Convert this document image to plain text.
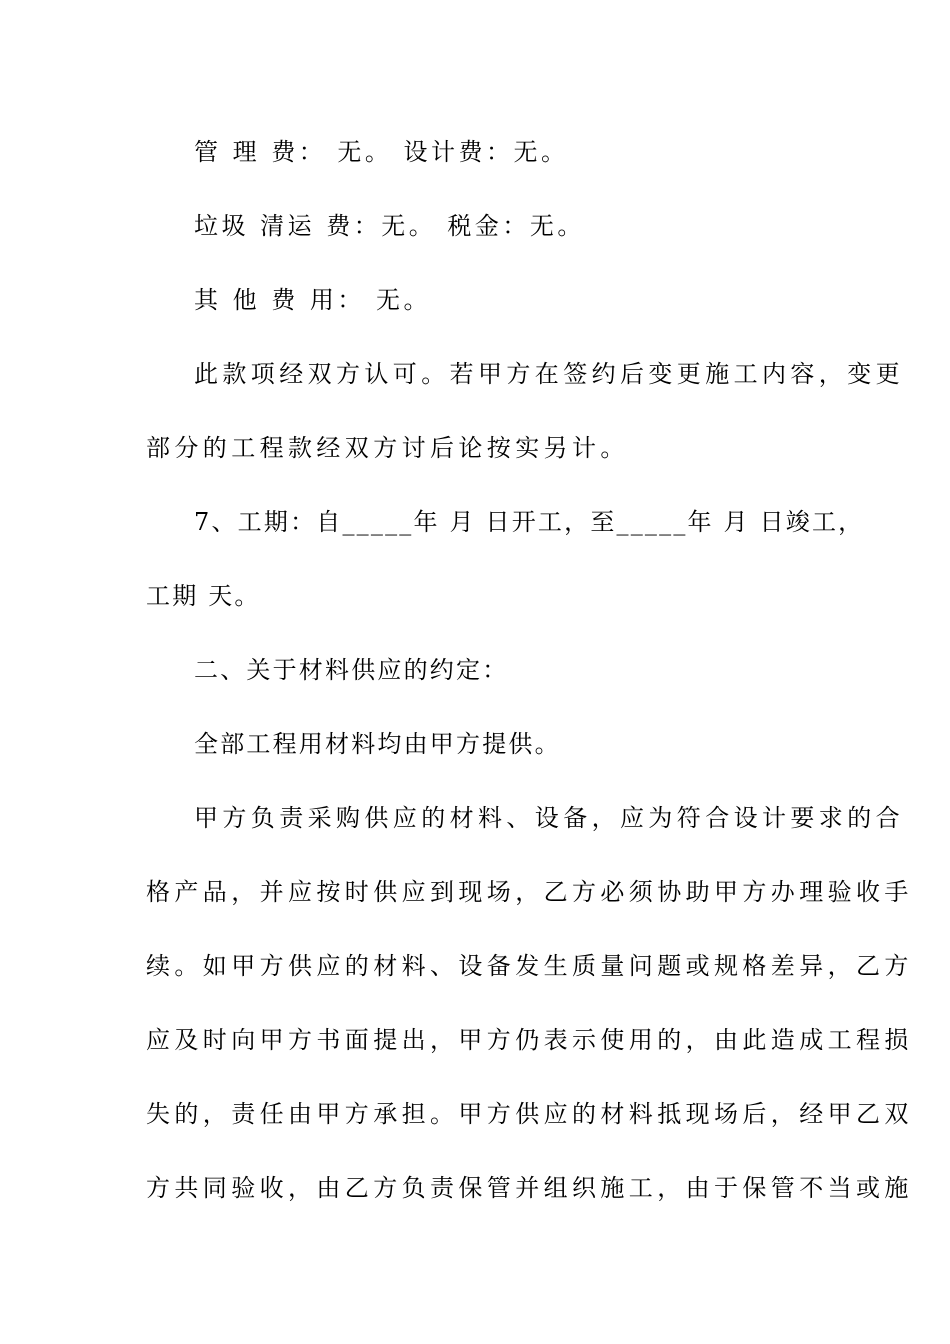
管 理 费： 无。 设计费：无。
垃圾 清运 费：无。 税金：无。
其 他 费 用： 无。
此款项经双方认可。若甲方在签约后变更施工内容，变更
部分的工程款经双方讨后论按实另计。
7、工期：自_____年 月 日开工，至_____年 月 日竣工，
工期 天。
二、关于材料供应的约定：
全部工程用材料均由甲方提供。
甲方负责采购供应的材料、设备，应为符合设计要求的合
格产品，并应按时供应到现场，乙方必须协助甲方办理验收手
续。如甲方供应的材料、设备发生质量问题或规格差异，乙方
应及时向甲方书面提出，甲方仍表示使用的，由此造成工程损
失的，责任由甲方承担。甲方供应的材料抵现场后，经甲乙双
方共同验收，由乙方负责保管并组织施工，由于保管不当或施
